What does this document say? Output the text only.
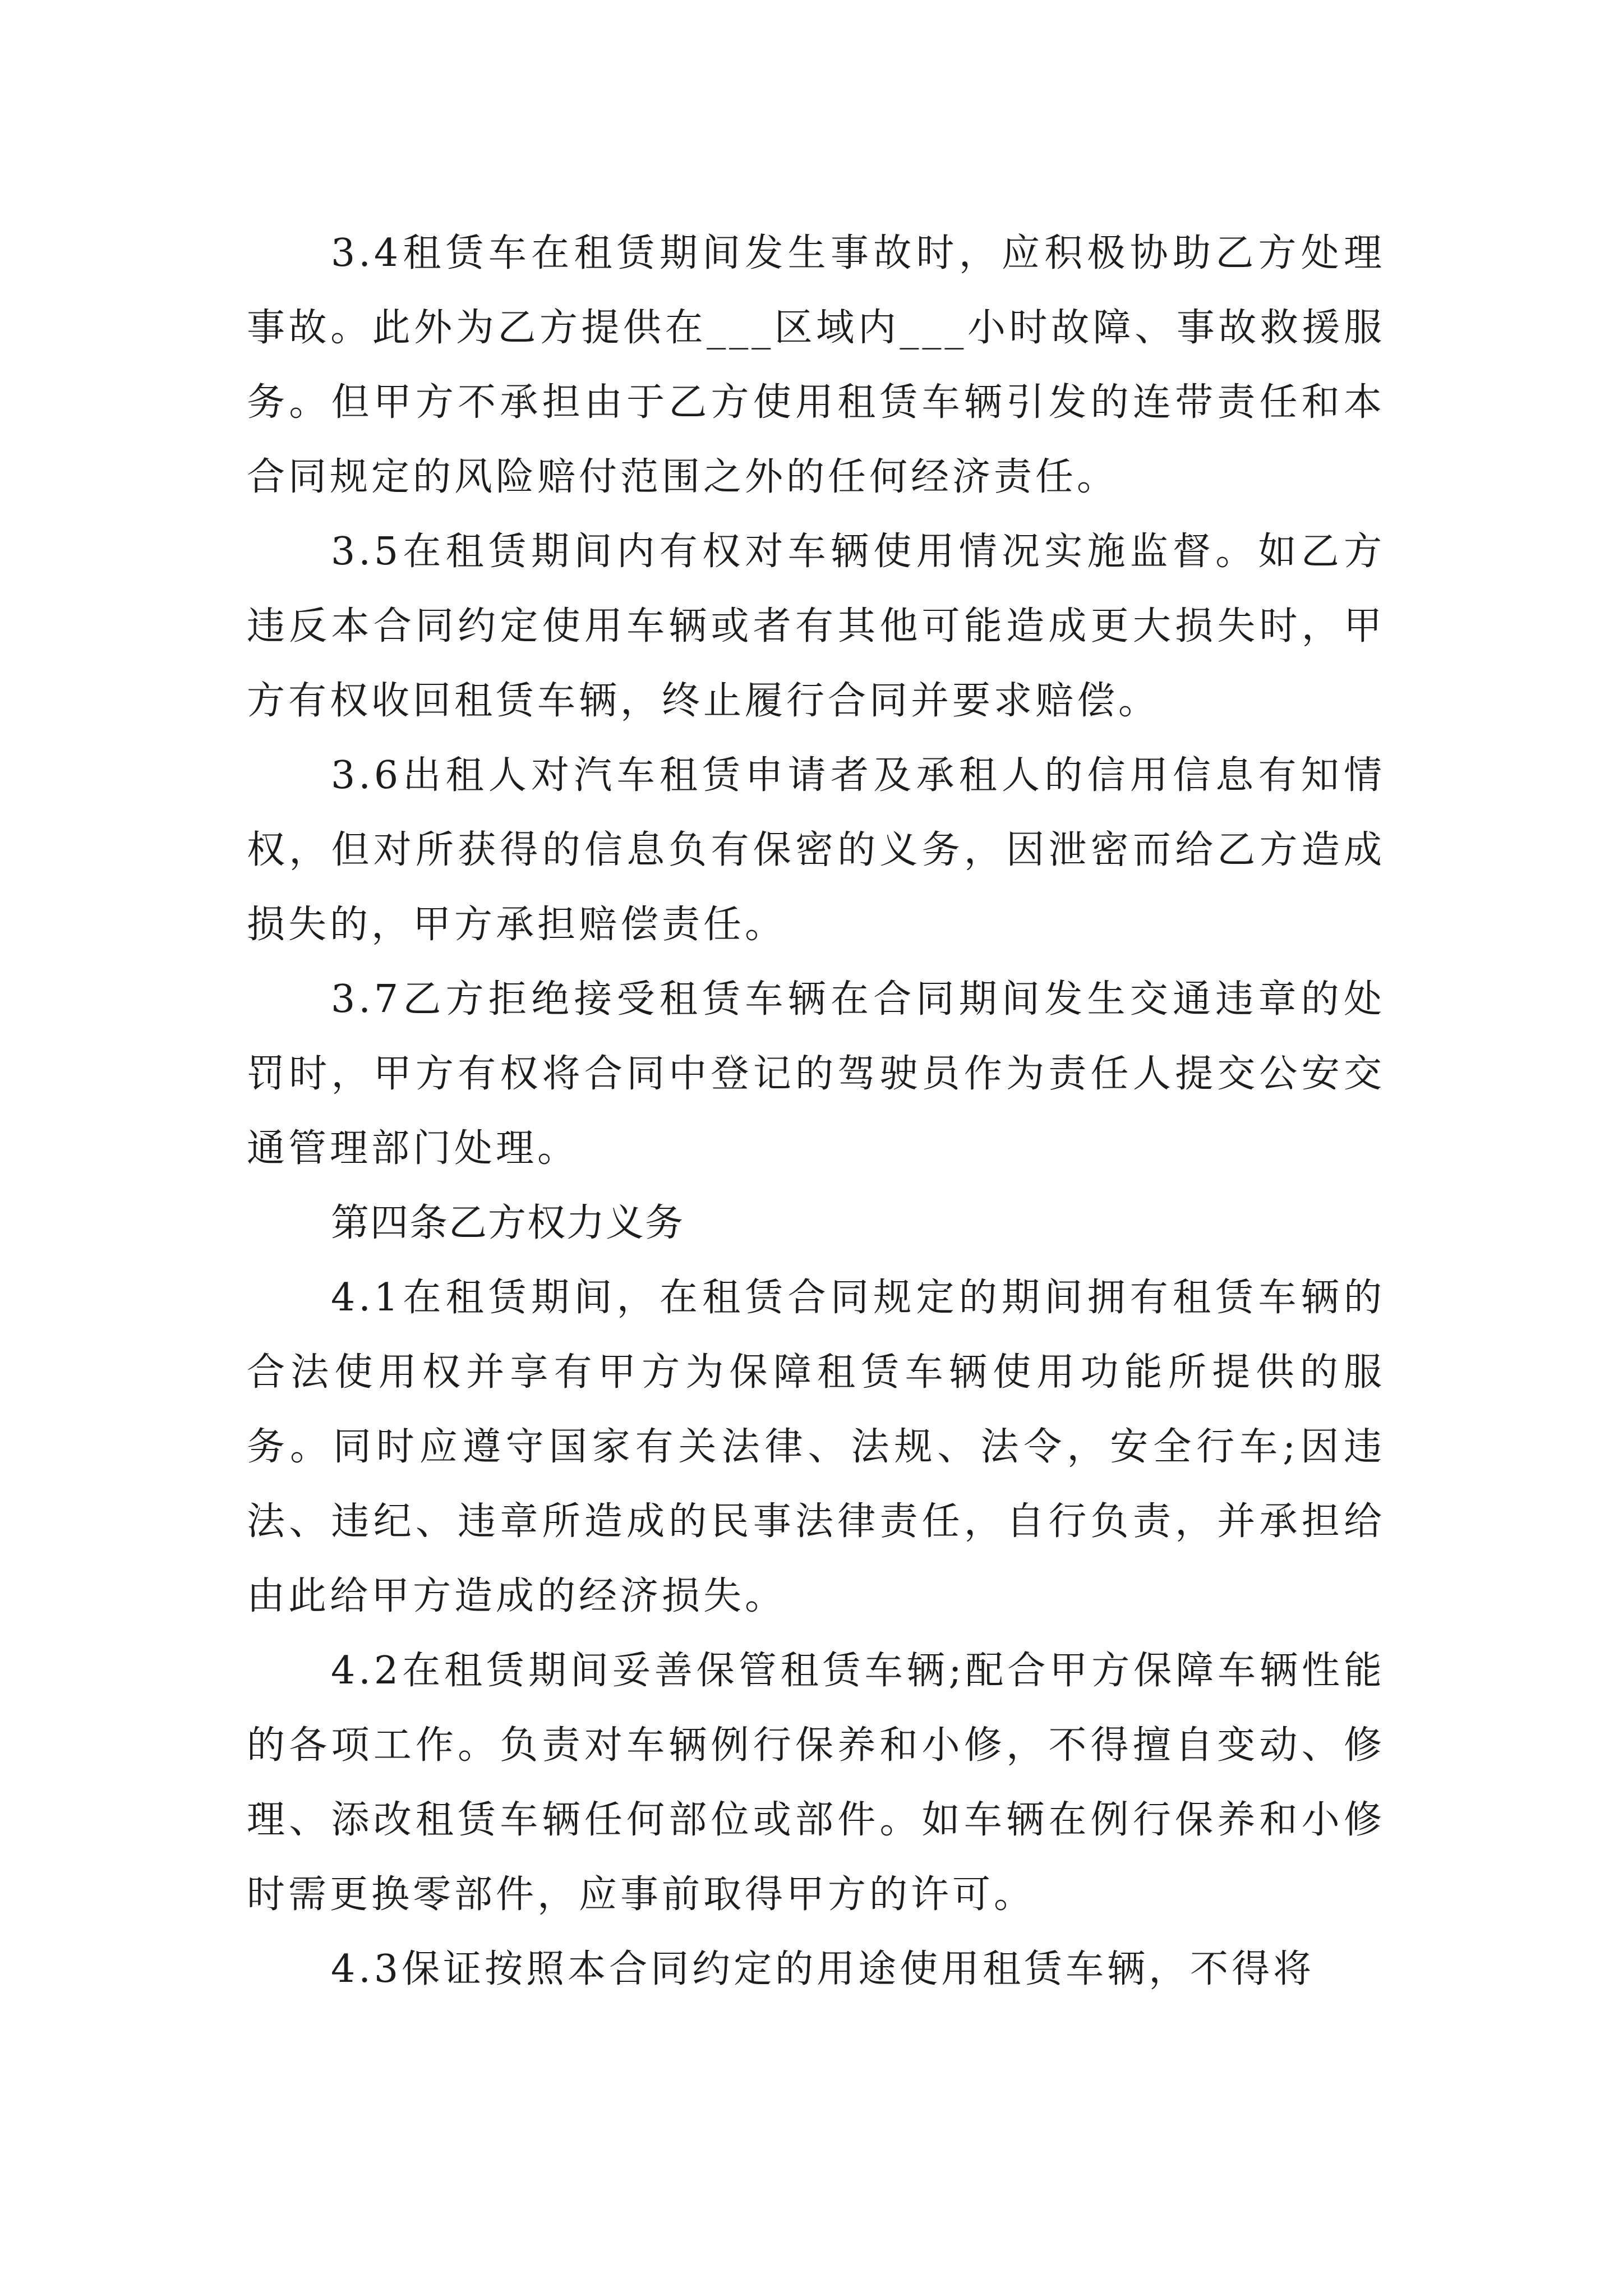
3.4租赁车在租赁期间发生事故时，应积极协助乙方处理事故。此外为乙方提供在___区域内___小时故障、事故救援服务。但甲方不承担由于乙方使用租赁车辆引发的连带责任和本合同规定的风险赔付范围之外的任何经济责任。

3.5在租赁期间内有权对车辆使用情况实施监督。如乙方违反本合同约定使用车辆或者有其他可能造成更大损失时，甲方有权收回租赁车辆，终止履行合同并要求赔偿。

3.6出租人对汽车租赁申请者及承租人的信用信息有知情权，但对所获得的信息负有保密的义务，因泄密而给乙方造成损失的，甲方承担赔偿责任。

3.7乙方拒绝接受租赁车辆在合同期间发生交通违章的处罚时，甲方有权将合同中登记的驾驶员作为责任人提交公安交通管理部门处理。

第四条乙方权力义务

4.1在租赁期间，在租赁合同规定的期间拥有租赁车辆的合法使用权并享有甲方为保障租赁车辆使用功能所提供的服务。同时应遵守国家有关法律、法规、法令，安全行车;因违法、违纪、违章所造成的民事法律责任，自行负责，并承担给由此给甲方造成的经济损失。

4.2在租赁期间妥善保管租赁车辆;配合甲方保障车辆性能的各项工作。负责对车辆例行保养和小修，不得擅自变动、修理、添改租赁车辆任何部位或部件。如车辆在例行保养和小修时需更换零部件，应事前取得甲方的许可。

4.3保证按照本合同约定的用途使用租赁车辆，不得将
